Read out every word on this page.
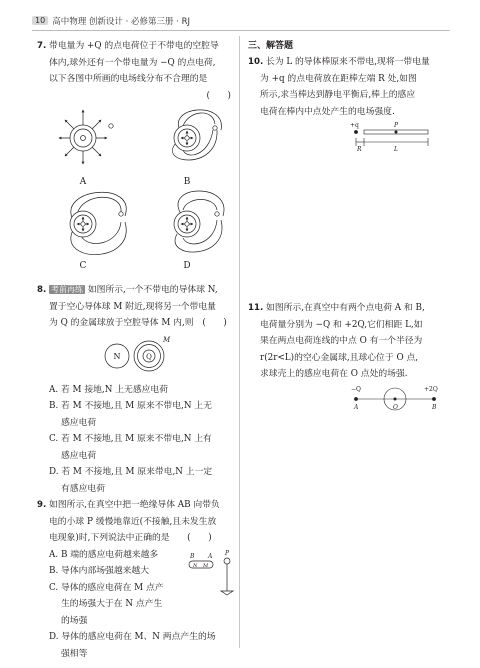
10 高中物理 创新设计 · 必修第三册 · RJ

7. 带电量为 +Q 的点电荷位于不带电的空腔导

体内,球外还有一个带电量为 −Q 的点电荷,

以下各图中所画的电场线分布不合理的是

(　　)

A	B
C	D

8. 考前再练 如图所示,一个不带电的导体球 N,

置于空心导体球 M 附近,现将另一个带电量

为 Q 的金属球放于空腔导体 M 内,则　(　　)

N	Q
M

A. 若 M 接地,N 上无感应电荷

B. 若 M 不接地,且 M 原来不带电,N 上无

感应电荷

C. 若 M 不接地,且 M 原来不带电,N 上有

感应电荷

D. 若 M 不接地,且 M 原来带电,N 上一定

有感应电荷

9. 如图所示,在真空中把一绝缘导体 AB 向带负

电的小球 P 缓慢地靠近(不接触,且未发生放

电现象)时,下列说法中正确的是　　(　　)

A. B 端的感应电荷越来越多

B. 导体内部场强越来越大

C. 导体的感应电荷在 M 点产

生的场强大于在 N 点产生

的场强

D. 导体的感应电荷在 M、N 两点产生的场

强相等

B A
N M
P

三、解答题

10. 长为 L 的导体棒原来不带电,现将一带电量

为 +q 的点电荷放在距棒左端 R 处,如图

所示,求当棒达到静电平衡后,棒上的感应

电荷在棒内中点处产生的电场强度.

+q	P
R	L

11. 如图所示,在真空中有两个点电荷 A 和 B,

电荷量分别为 −Q 和 +2Q,它们相距 L,如

果在两点电荷连线的中点 O 有一个半径为

r(2r<L)的空心金属球,且球心位于 O 点,

求球壳上的感应电荷在 O 点处的场强.

−Q	+2Q
A	O	B
